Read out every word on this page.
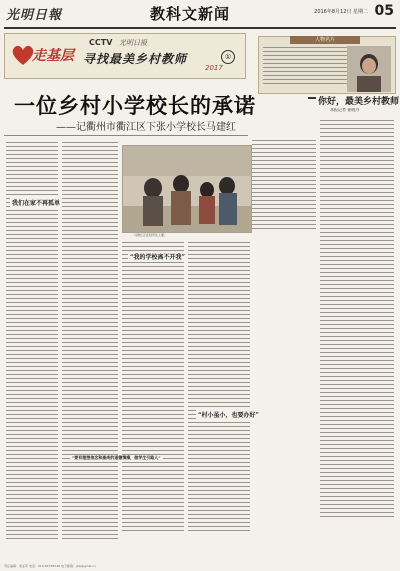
光明日報	教科文新闻	2016年8月12日 星期二 05
走基层
CCTV 光明日报
寻找最美乡村教师	①
2017
一位乡村小学校长的承诺
——记衢州市衢江区下张小学校长马建红
我们在家不再孤单
马建红正在给学生上课。
“我的学校离不开我”
“要有理想信念和高尚的道德情操，做学生引路人”
“村小虽小，也要办好”
人物名片
你好，最美乡村教师
本报记者 崔晓丹
责任编辑：雷亚军 电话：010-67078246 电子邮箱：jkw@gmw.cn
